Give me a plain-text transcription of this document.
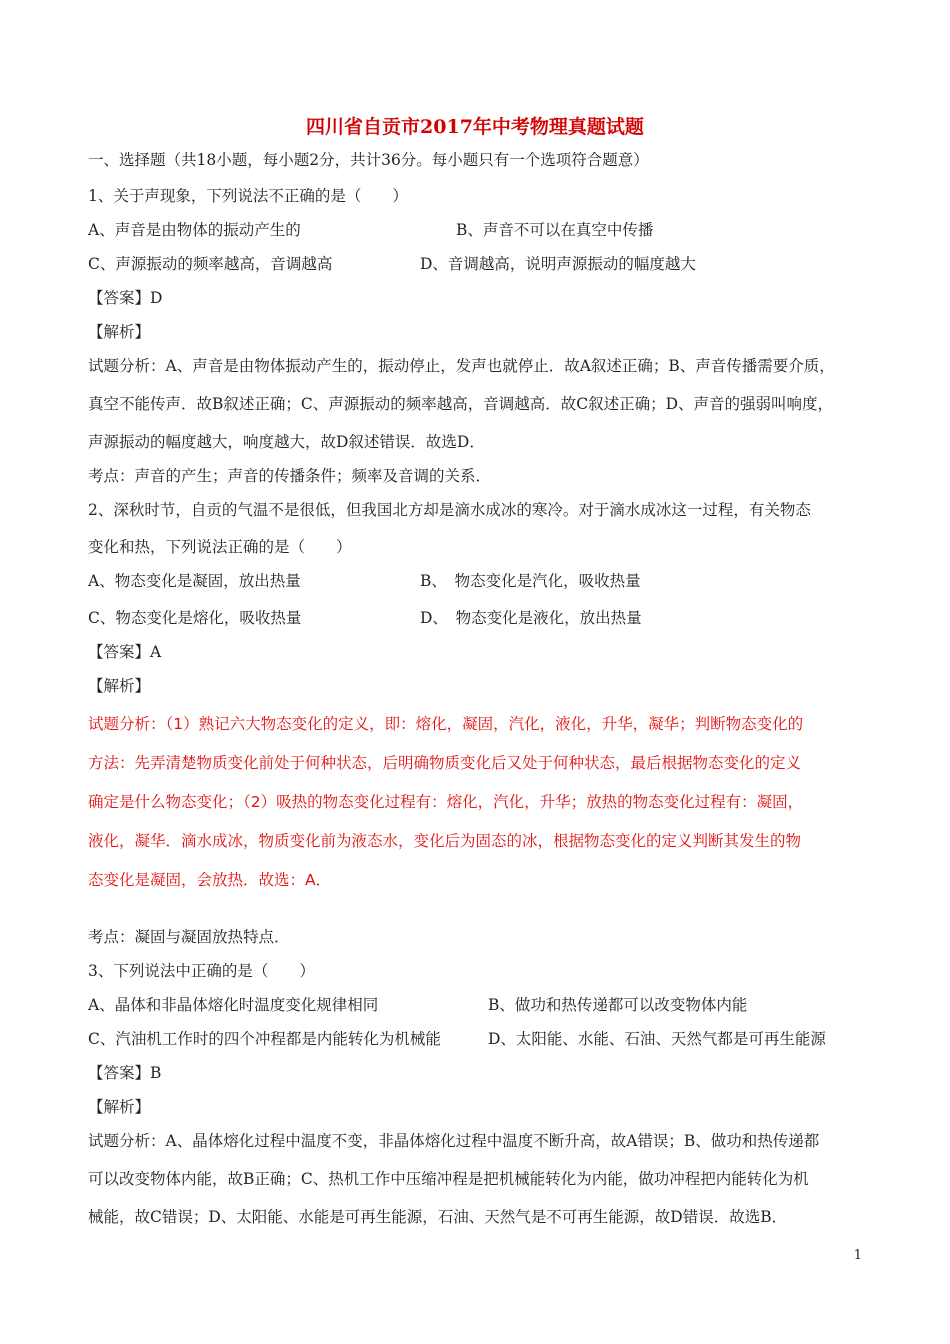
四川省自贡市2017年中考物理真题试题
一、选择题（共18小题，每小题2分，共计36分。每小题只有一个选项符合题意）
1、关于声现象，下列说法不正确的是（　　）
A、声音是由物体的振动产生的	B、声音不可以在真空中传播
C、声源振动的频率越高，音调越高	D、音调越高，说明声源振动的幅度越大
【答案】D
【解析】
试题分析：A、声音是由物体振动产生的，振动停止，发声也就停止．故A叙述正确；B、声音传播需要介质，
真空不能传声．故B叙述正确；C、声源振动的频率越高，音调越高．故C叙述正确；D、声音的强弱叫响度，
声源振动的幅度越大，响度越大，故D叙述错误．故选D．
考点：声音的产生；声音的传播条件；频率及音调的关系．
2、深秋时节，自贡的气温不是很低，但我国北方却是滴水成冰的寒冷。对于滴水成冰这一过程，有关物态
变化和热，下列说法正确的是（　　）
A、物态变化是凝固，放出热量	B、　物态变化是汽化，吸收热量
C、物态变化是熔化，吸收热量	D、　物态变化是液化，放出热量
【答案】A
【解析】
试题分析：（1）熟记六大物态变化的定义，即：熔化，凝固，汽化，液化，升华，凝华；判断物态变化的
方法：先弄清楚物质变化前处于何种状态，后明确物质变化后又处于何种状态，最后根据物态变化的定义
确定是什么物态变化；（2）吸热的物态变化过程有：熔化，汽化，升华；放热的物态变化过程有：凝固，
液化，凝华．滴水成冰，物质变化前为液态水，变化后为固态的冰，根据物态变化的定义判断其发生的物
态变化是凝固，会放热．故选：A．
考点：凝固与凝固放热特点．
3、下列说法中正确的是（　　）
A、晶体和非晶体熔化时温度变化规律相同	B、做功和热传递都可以改变物体内能
C、汽油机工作时的四个冲程都是内能转化为机械能	D、太阳能、水能、石油、天然气都是可再生能源
【答案】B
【解析】
试题分析：A、晶体熔化过程中温度不变，非晶体熔化过程中温度不断升高，故A错误；B、做功和热传递都
可以改变物体内能，故B正确；C、热机工作中压缩冲程是把机械能转化为内能，做功冲程把内能转化为机
械能，故C错误；D、太阳能、水能是可再生能源，石油、天然气是不可再生能源，故D错误．故选B．
1
